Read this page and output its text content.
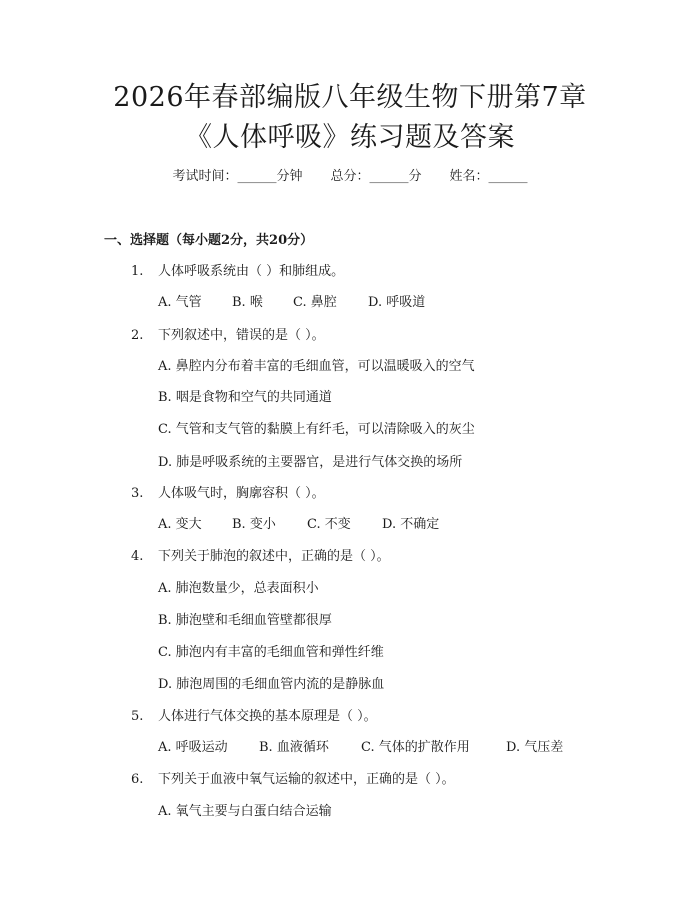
2026年春部编版八年级生物下册第7章《人体呼吸》练习题及答案
考试时间：______分钟 总分：______分 姓名：______
一、选择题（每小题2分，共20分）
1. 人体呼吸系统由（ ）和肺组成。
A. 气管 B. 喉 C. 鼻腔 D. 呼吸道
2. 下列叙述中，错误的是（ ）。
A. 鼻腔内分布着丰富的毛细血管，可以温暖吸入的空气
B. 咽是食物和空气的共同通道
C. 气管和支气管的黏膜上有纤毛，可以清除吸入的灰尘
D. 肺是呼吸系统的主要器官，是进行气体交换的场所
3. 人体吸气时，胸廓容积（ ）。
A. 变大 B. 变小 C. 不变 D. 不确定
4. 下列关于肺泡的叙述中，正确的是（ ）。
A. 肺泡数量少，总表面积小
B. 肺泡壁和毛细血管壁都很厚
C. 肺泡内有丰富的毛细血管和弹性纤维
D. 肺泡周围的毛细血管内流的是静脉血
5. 人体进行气体交换的基本原理是（ ）。
A. 呼吸运动 B. 血液循环 C. 气体的扩散作用	D. 气压差
6. 下列关于血液中氧气运输的叙述中，正确的是（ ）。
A. 氧气主要与白蛋白结合运输
